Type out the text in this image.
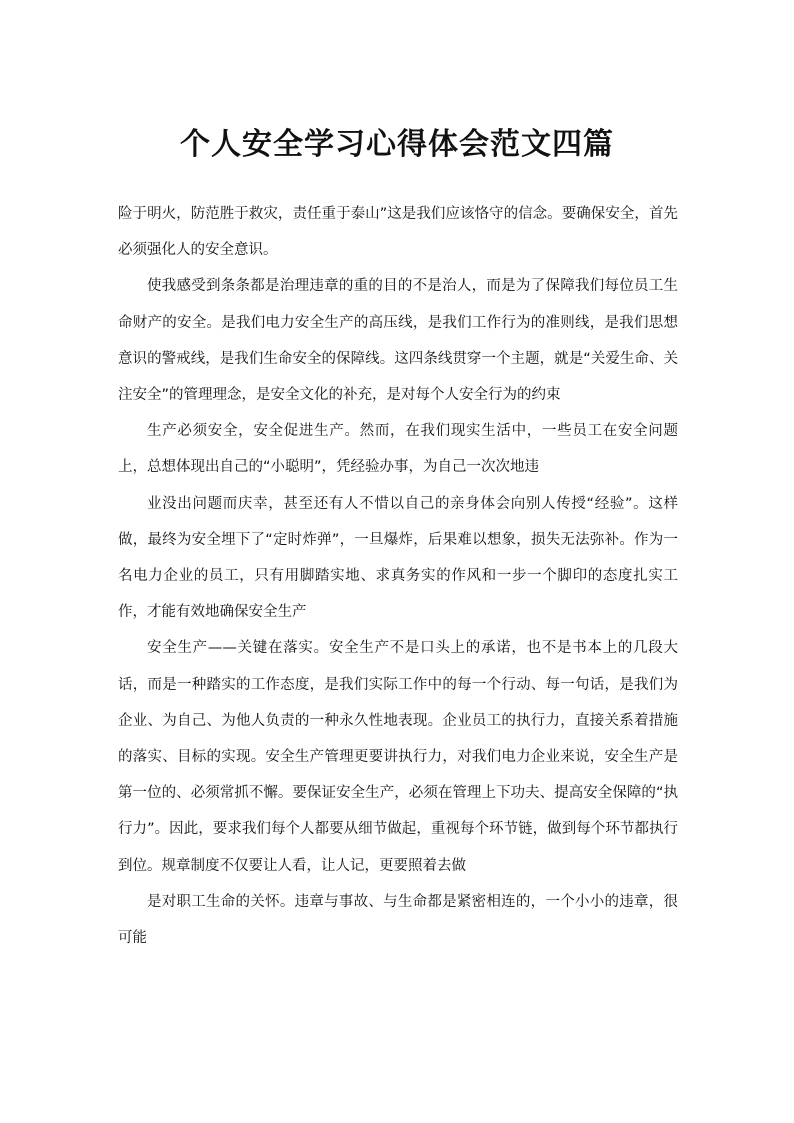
个人安全学习心得体会范文四篇

险于明火，防范胜于救灾，责任重于泰山”这是我们应该恪守的信念。要确保安全，首先必须强化人的安全意识。

使我感受到条条都是治理违章的重的目的不是治人，而是为了保障我们每位员工生命财产的安全。是我们电力安全生产的高压线，是我们工作行为的准则线，是我们思想意识的警戒线，是我们生命安全的保障线。这四条线贯穿一个主题，就是“关爱生命、关注安全”的管理理念，是安全文化的补充，是对每个人安全行为的约束

生产必须安全，安全促进生产。然而，在我们现实生活中，一些员工在安全问题上，总想体现出自己的“小聪明”，凭经验办事，为自己一次次地违

业没出问题而庆幸，甚至还有人不惜以自己的亲身体会向别人传授“经验”。这样做，最终为安全埋下了“定时炸弹”，一旦爆炸，后果难以想象，损失无法弥补。作为一名电力企业的员工，只有用脚踏实地、求真务实的作风和一步一个脚印的态度扎实工作，才能有效地确保安全生产

安全生产——关键在落实。安全生产不是口头上的承诺，也不是书本上的几段大话，而是一种踏实的工作态度，是我们实际工作中的每一个行动、每一句话，是我们为企业、为自己、为他人负责的一种永久性地表现。企业员工的执行力，直接关系着措施的落实、目标的实现。安全生产管理更要讲执行力，对我们电力企业来说，安全生产是第一位的、必须常抓不懈。要保证安全生产，必须在管理上下功夫、提高安全保障的“执行力”。因此，要求我们每个人都要从细节做起，重视每个环节链，做到每个环节都执行到位。规章制度不仅要让人看，让人记，更要照着去做

是对职工生命的关怀。违章与事故、与生命都是紧密相连的，一个小小的违章，很可能
